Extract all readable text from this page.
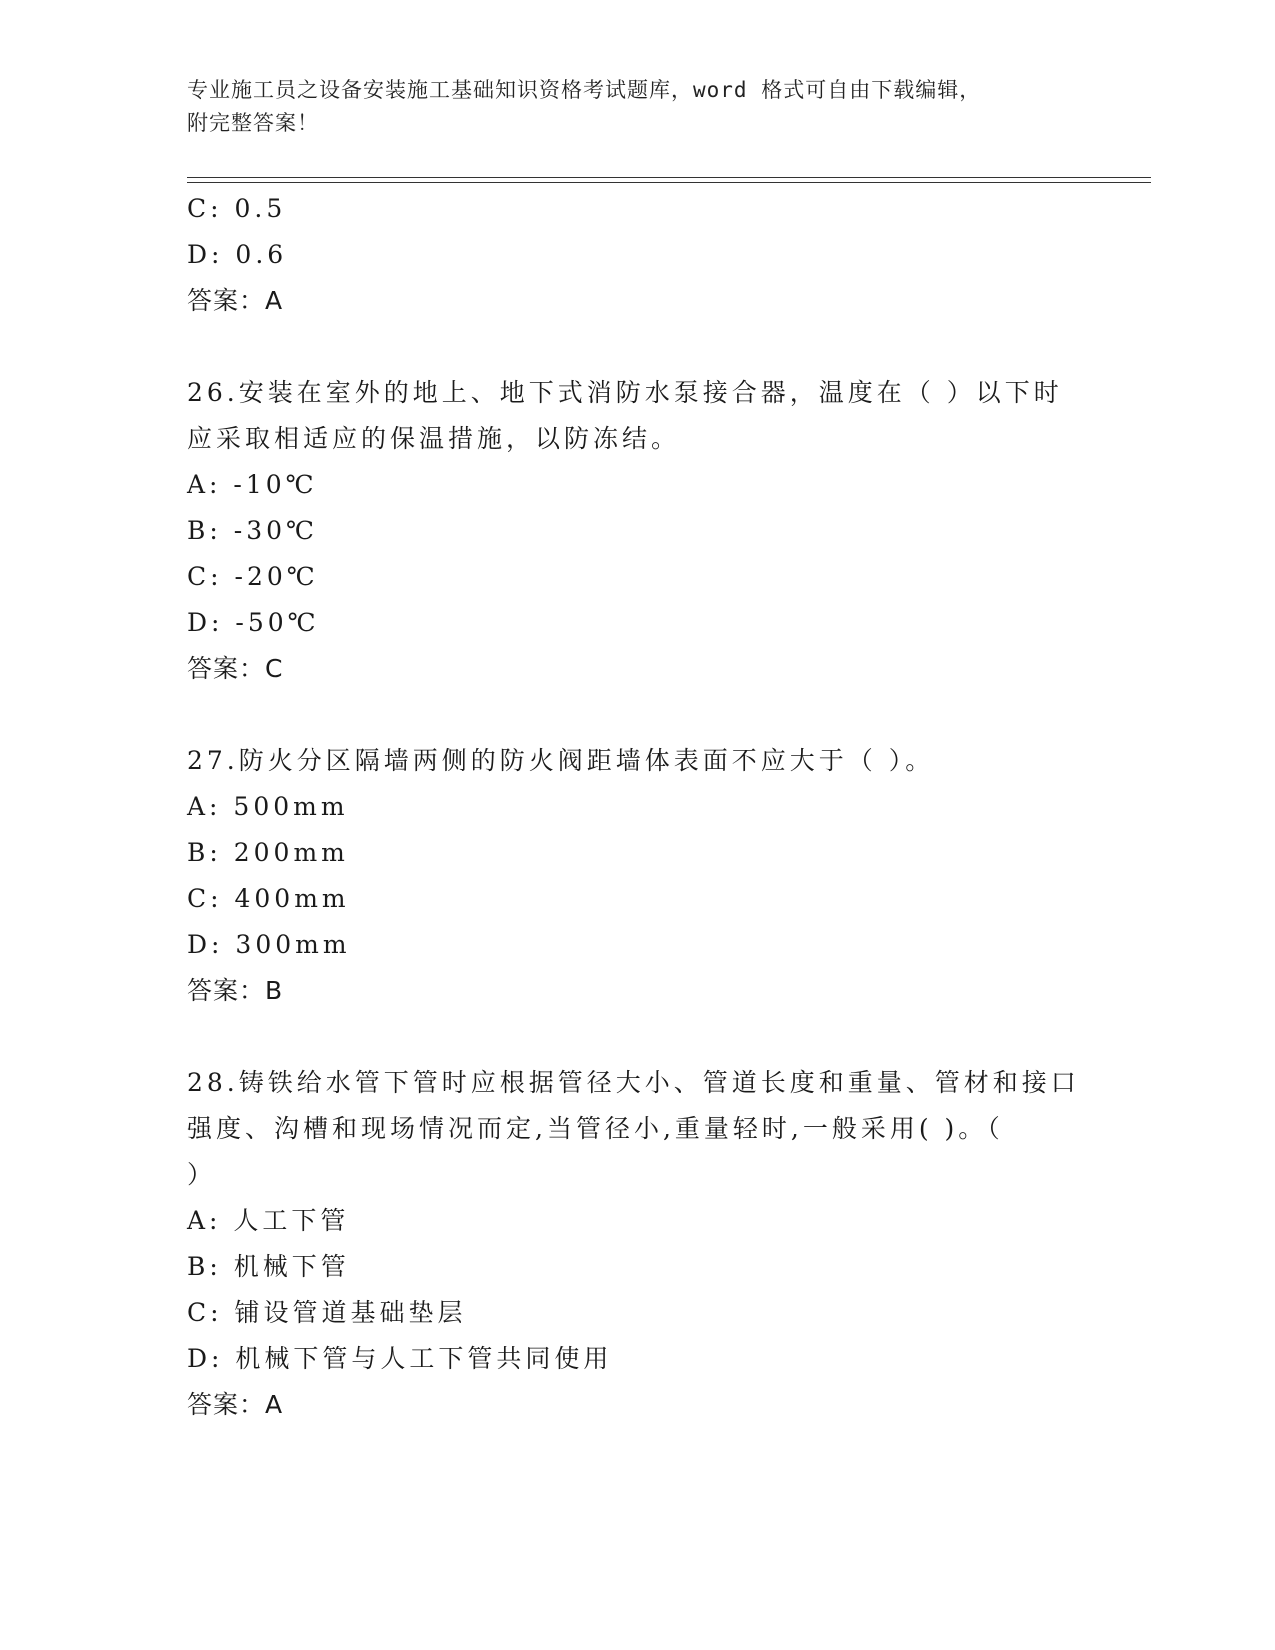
专业施工员之设备安装施工基础知识资格考试题库，word 格式可自由下载编辑，
附完整答案！
C: 0.5
D: 0.6
答案：A
26.安装在室外的地上、地下式消防水泵接合器，温度在（ ）以下时
应采取相适应的保温措施，以防冻结。
A: -10℃
B: -30℃
C: -20℃
D: -50℃
答案：C
27.防火分区隔墙两侧的防火阀距墙体表面不应大于（ ）。
A: 500mm
B: 200mm
C: 400mm
D: 300mm
答案：B
28.铸铁给水管下管时应根据管径大小、管道长度和重量、管材和接口
强度、沟槽和现场情况而定,当管径小,重量轻时,一般采用( )。（
）
A: 人工下管
B: 机械下管
C: 铺设管道基础垫层
D: 机械下管与人工下管共同使用
答案：A
